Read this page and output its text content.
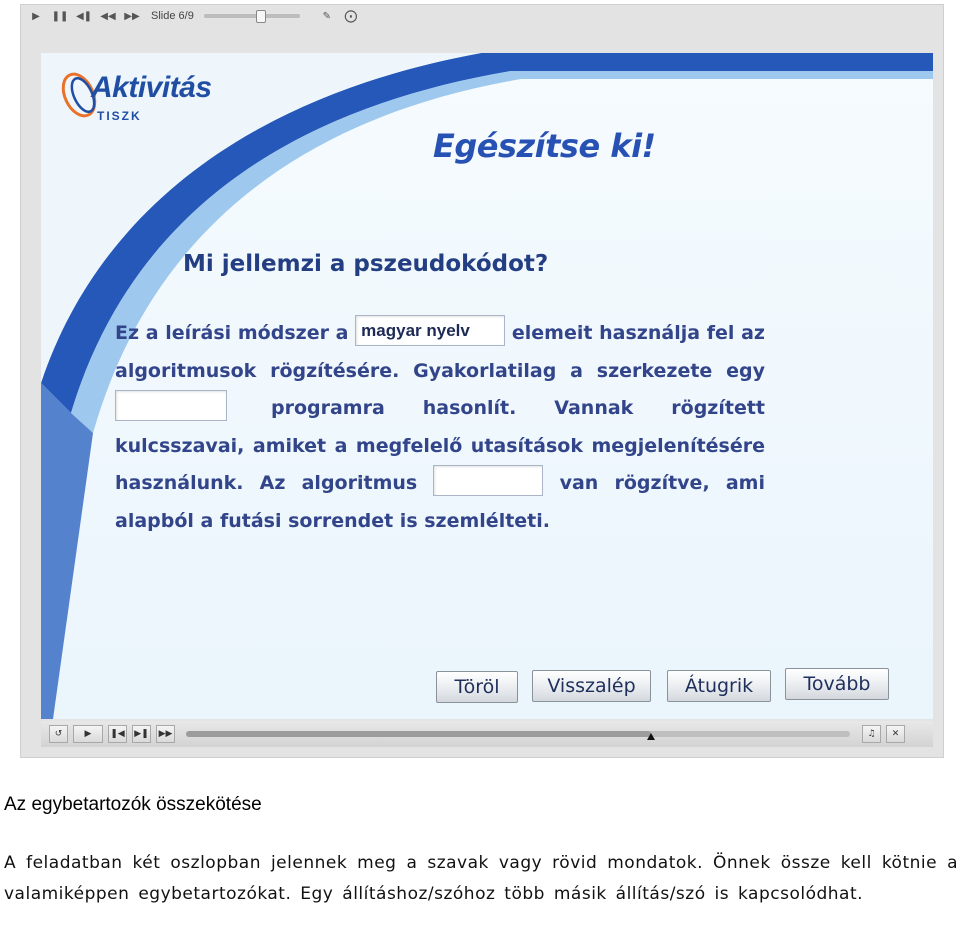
▶	❚❚ ◀❚ ◀◀ ▶▶ Slide 6/9	✎	⨀
Aktivitás
TISZK
Egészítse ki!
Mi jellemzi a pszeudokódot?
Ez a leírási módszer a magyar nyelv elemeit használja fel az algoritmusok rögzítésére. Gyakorlatilag a szerkezete egy  programra hasonlít. Vannak rögzített kulcsszavai, amiket a megfelelő utasítások megjelenítésére használunk. Az algoritmus	van rögzítve, ami alapból a futási sorrendet is szemlélteti.
Töröl	Visszalép	Átugrik	Tovább
↺	▶	❚◀ ▶❚ ▶▶	♫	✕
Az egybetartozók összekötése
A feladatban két oszlopban jelennek meg a szavak vagy rövid mondatok. Önnek össze kell kötnie a valamiképpen egybetartozókat. Egy állításhoz/szóhoz több másik állítás/szó is kapcsolódhat.
